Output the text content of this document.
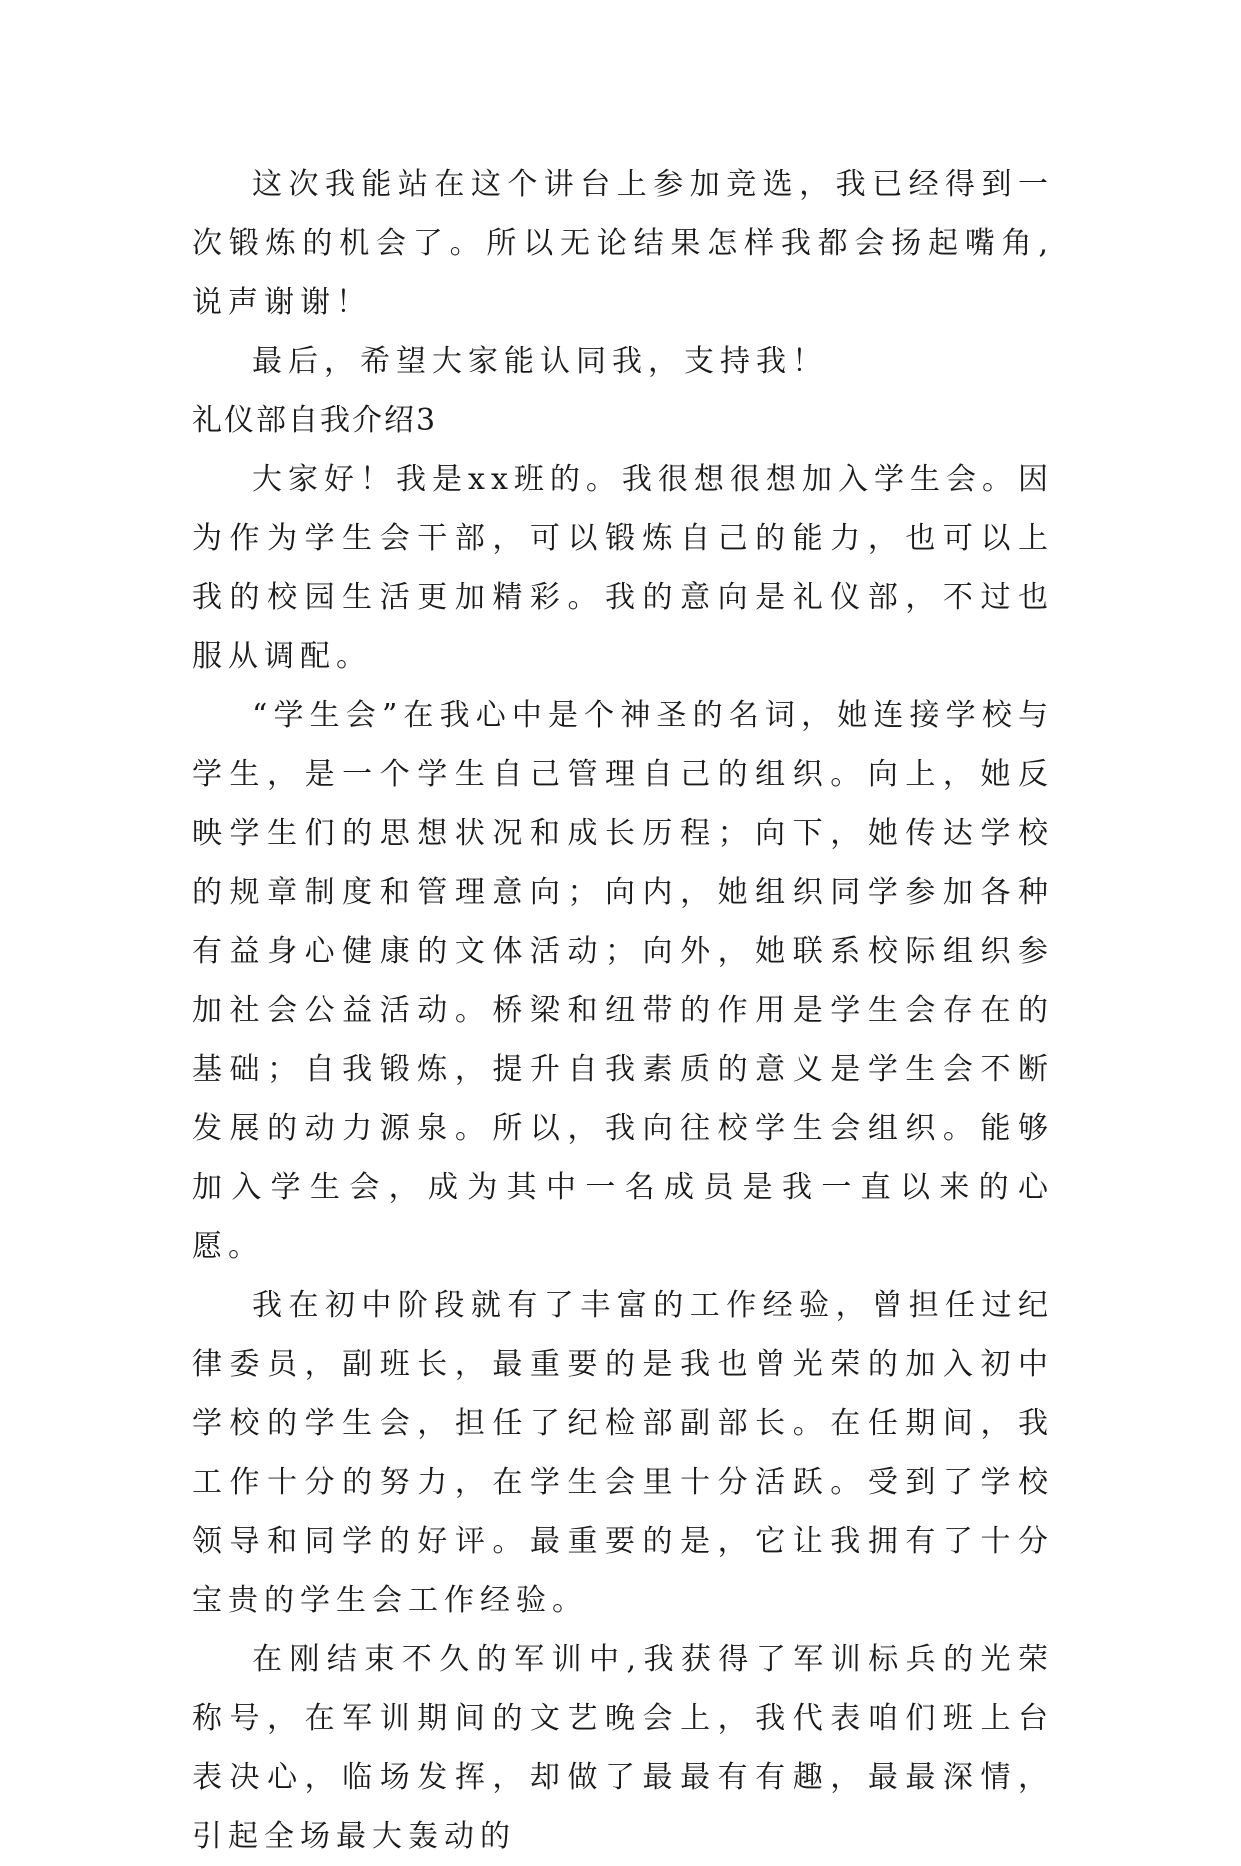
这次我能站在这个讲台上参加竞选，我已经得到一次锻炼的机会了。所以无论结果怎样我都会扬起嘴角,说声谢谢！

最后，希望大家能认同我，支持我！

礼仪部自我介绍3

大家好！我是xx班的。我很想很想加入学生会。因为作为学生会干部，可以锻炼自己的能力，也可以上我的校园生活更加精彩。我的意向是礼仪部，不过也服从调配。

“学生会”在我心中是个神圣的名词，她连接学校与学生，是一个学生自己管理自己的组织。向上，她反映学生们的思想状况和成长历程；向下，她传达学校的规章制度和管理意向；向内，她组织同学参加各种有益身心健康的文体活动；向外，她联系校际组织参加社会公益活动。桥梁和纽带的作用是学生会存在的基础；自我锻炼，提升自我素质的意义是学生会不断发展的动力源泉。所以，我向往校学生会组织。能够加入学生会，成为其中一名成员是我一直以来的心愿。

我在初中阶段就有了丰富的工作经验，曾担任过纪律委员，副班长，最重要的是我也曾光荣的加入初中学校的学生会，担任了纪检部副部长。在任期间，我工作十分的努力，在学生会里十分活跃。受到了学校领导和同学的好评。最重要的是，它让我拥有了十分宝贵的学生会工作经验。

在刚结束不久的军训中,我获得了军训标兵的光荣称号，在军训期间的文艺晚会上，我代表咱们班上台表决心，临场发挥，却做了最最有有趣，最最深情，引起全场最大轰动的
